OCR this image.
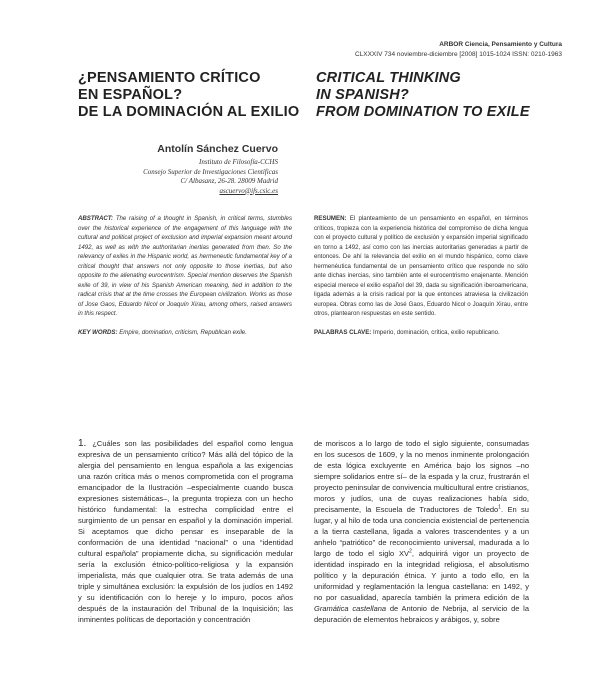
ARBOR Ciencia, Pensamiento y Cultura
CLXXXIV 734 noviembre-diciembre [2008] 1015-1024 ISSN: 0210-1963
¿PENSAMIENTO CRÍTICO
EN ESPAÑOL?
DE LA DOMINACIÓN AL EXILIO
CRITICAL THINKING
IN SPANISH?
FROM DOMINATION TO EXILE
Antolín Sánchez Cuervo
Instituto de Filosofía-CCHS
Consejo Superior de Investigaciones Científicas
C/ Albasanz, 26-28. 28009 Madrid
ascuervo@ifs.csic.es
ABSTRACT: The raising of a thought in Spanish, in critical terms, stumbles over the historical experience of the engagement of this language with the cultural and political project of exclusion and imperial expansion meant around 1492, as well as with the authoritarian inertias generated from then. So the relevancy of exiles in the Hispanic world, as hermeneutic fundamental key of a critical thought that answers not only opposite to those inertias, but also opposite to the alienating eurocentrism. Special mention deserves the Spanish exile of 39, in view of his Spanish American meaning, tied in addition to the radical crisis that at the time crosses the European civilization. Works as those of Jose Gaos, Eduardo Nicol or Joaquín Xirau, among others, raised answers in this respect.
KEY WORDS: Empire, domination, criticism, Republican exile.
RESUMEN: El planteamiento de un pensamiento en español, en términos críticos, tropieza con la experiencia histórica del compromiso de dicha lengua con el proyecto cultural y político de exclusión y expansión imperial significado en torno a 1492, así como con las inercias autoritarias generadas a partir de entonces. De ahí la relevancia del exilio en el mundo hispánico, como clave hermenéutica fundamental de un pensamiento crítico que responde no sólo ante dichas inercias, sino también ante el eurocentrismo enajenante. Mención especial merece el exilio español del 39, dada su significación iberoamericana, ligada además a la crisis radical por la que entonces atraviesa la civilización europea. Obras como las de José Gaos, Eduardo Nicol o Joaquín Xirau, entre otros, plantearon respuestas en este sentido.
PALABRAS CLAVE: Imperio, dominación, crítica, exilio republicano.
1. ¿Cuáles son las posibilidades del español como lengua expresiva de un pensamiento crítico? Más allá del tópico de la alergia del pensamiento en lengua española a las exigencias una razón crítica más o menos comprometida con el programa emancipador de la Ilustración –especialmente cuando busca expresiones sistemáticas–, la pregunta tropieza con un hecho histórico fundamental: la estrecha complicidad entre el surgimiento de un pensar en español y la dominación imperial. Si aceptamos que dicho pensar es inseparable de la conformación de una identidad “nacional” o una “identidad cultural española” propiamente dicha, su significación medular sería la exclusión étnico-político-religiosa y la expansión imperialista, más que cualquier otra. Se trata además de una triple y simultánea exclusión: la expulsión de los judíos en 1492 y su identificación con lo hereje y lo impuro, pocos años después de la instauración del Tribunal de la Inquisición; las inminentes políticas de deportación y concentración
de moriscos a lo largo de todo el siglo siguiente, consumadas en los sucesos de 1609, y la no menos inminente prolongación de esta lógica excluyente en América bajo los signos –no siempre solidarios entre sí– de la espada y la cruz, frustrarán el proyecto peninsular de convivencia multicultural entre cristianos, moros y judíos, una de cuyas realizaciones había sido, precisamente, la Escuela de Traductores de Toledo$^1$. En su lugar, y al hilo de toda una conciencia existencial de pertenencia a la tierra castellana, ligada a valores trascendentes y a un anhelo “patriótico” de reconocimiento universal, madurada a lo largo de todo el siglo $XV^2$, adquirirá vigor un proyecto de identidad inspirado en la integridad religiosa, el absolutismo político y la depuración étnica. Y junto a todo ello, en la uniformidad y reglamentación la lengua castellana: en 1492, y no por casualidad, aparecía también la primera edición de la Gramática castellana de Antonio de Nebrija, al servicio de la depuración de elementos hebraicos y arábigos, y, sobre
